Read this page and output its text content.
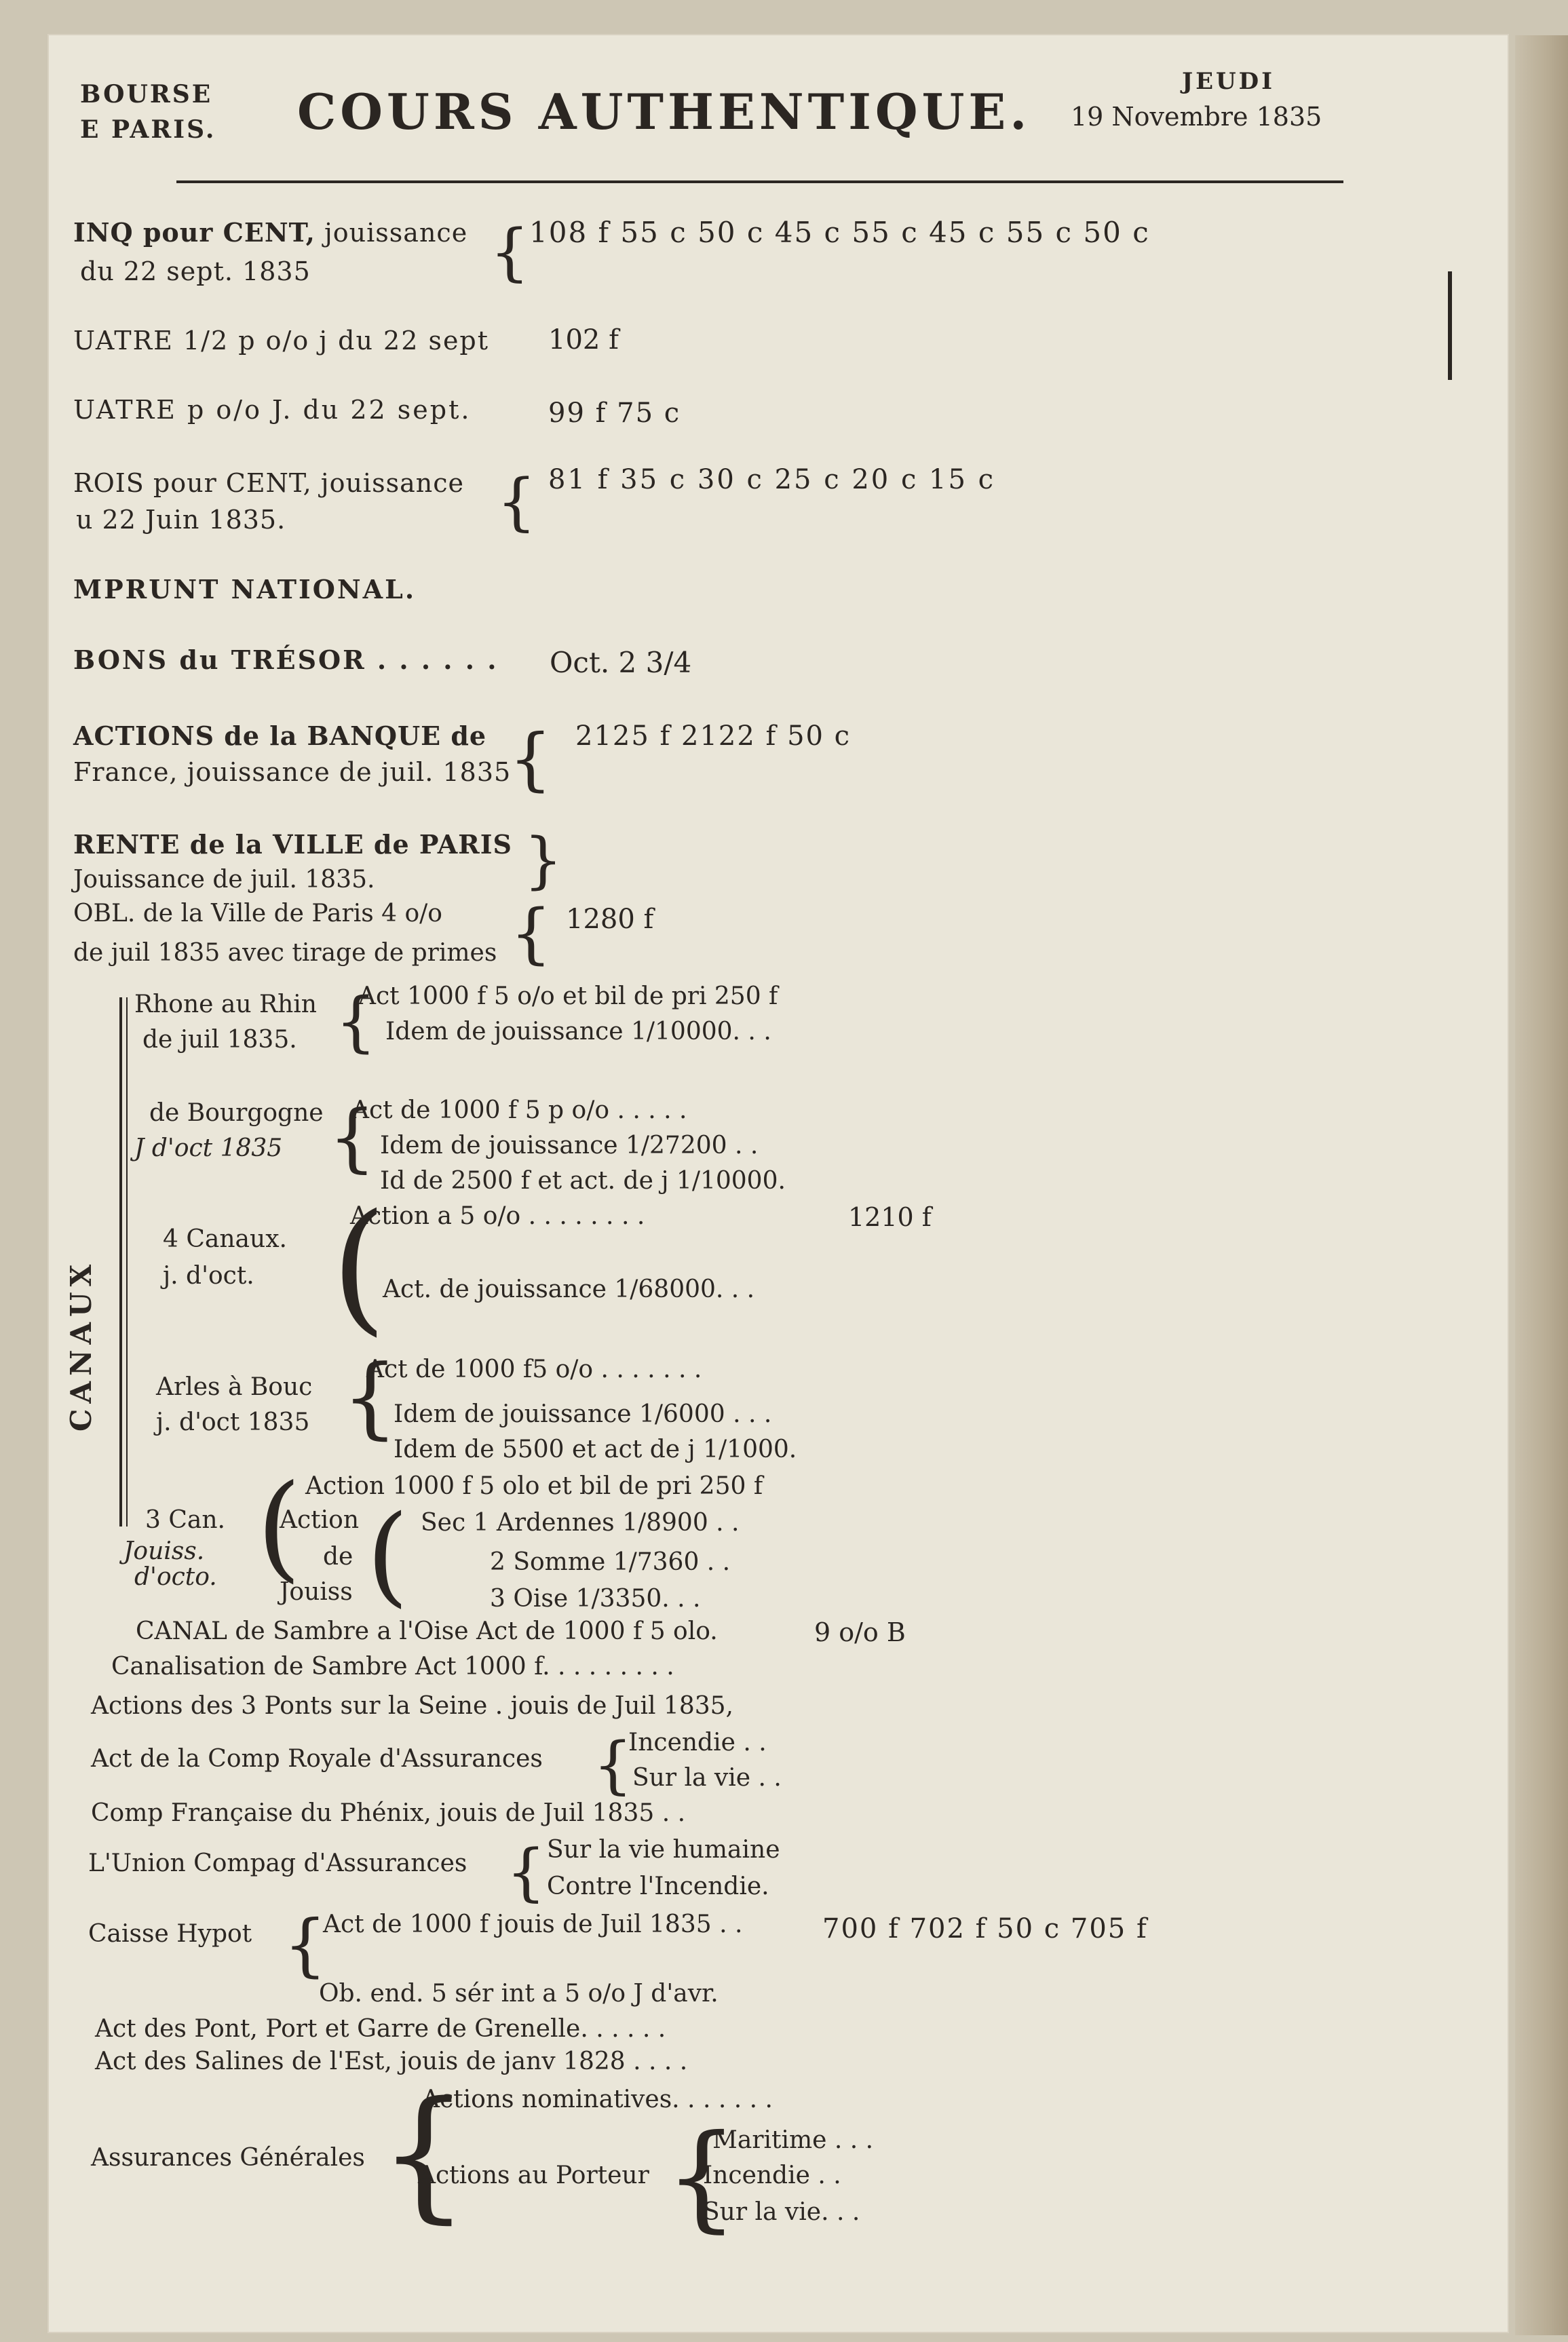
BOURSE
E PARIS. COURS AUTHENTIQUE.
JEUDI
19 Novembre 1835
INQ pour CENT, jouissance
du 22 sept. 1835	{ 108 f 55 c 50 c 45 c 55 c 45 c 55 c 50 c
UATRE 1/2 p o/o j du 22 sept 102 f
UATRE p o/o J. du 22 sept.	99 f 75 c
ROIS pour CENT, jouissance
u 22 Juin 1835.	{ 81 f 35 c 30 c 25 c 20 c 15 c
MPRUNT NATIONAL.
BONS du TRÉSOR . . . . . . Oct. 2 3/4
ACTIONS de la BANQUE de
France, jouissance de juil. 1835
{ 2125 f 2122 f 50 c
RENTE de la VILLE de PARIS
Jouissance de juil. 1835. }
OBL. de la Ville de Paris 4 o/o
de juil 1835 avec tirage de primes { 1280 f
CANAUX
Rhone au Rhin
de juil 1835. {
Act 1000 f 5 o/o et bil de pri 250 f
Idem de jouissance 1/10000. . .
de Bourgogne
J d'oct 1835 {
Act de 1000 f 5 p o/o . . . . .
Idem de jouissance 1/27200 . .
Id de 2500 f et act. de j 1/10000.
4 Canaux.
j. d'oct. (
Action a 5 o/o . . . . . . . .	1210 f
Act. de jouissance 1/68000. . .
Arles à Bouc
j. d'oct 1835 {
Act de 1000 f5 o/o . . . . . . .
Idem de jouissance 1/6000 . . .
Idem de 5500 et act de j 1/1000.
Action 1000 f 5 olo et bil de pri 250 f
(
3 Can.
Jouiss.
d'octo.
Action
de
Jouiss ( Sec 1 Ardennes 1/8900 . .
2 Somme 1/7360 . .
3 Oise 1/3350. . .
CANAL de Sambre a l'Oise Act de 1000 f 5 olo.	9 o/o B
Canalisation de Sambre Act 1000 f. . . . . . . . .
Actions des 3 Ponts sur la Seine . jouis de Juil 1835,
Act de la Comp Royale d'Assurances {
Incendie . .
Sur la vie . .
Comp Française du Phénix, jouis de Juil 1835 . .
L'Union Compag d'Assurances { Sur la vie humaine
Contre l'Incendie.
Caisse Hypot {
Act de 1000 f jouis de Juil 1835 . .	700 f 702 f 50 c 705 f
Ob. end. 5 sér int a 5 o/o J d'avr.
Act des Pont, Port et Garre de Grenelle. . . . . .
Act des Salines de l'Est, jouis de janv 1828 . . . .
Assurances Générales {
Actions nominatives. . . . . . .
Actions au Porteur {
Maritime . . .
Incendie . .
Sur la vie. . .
